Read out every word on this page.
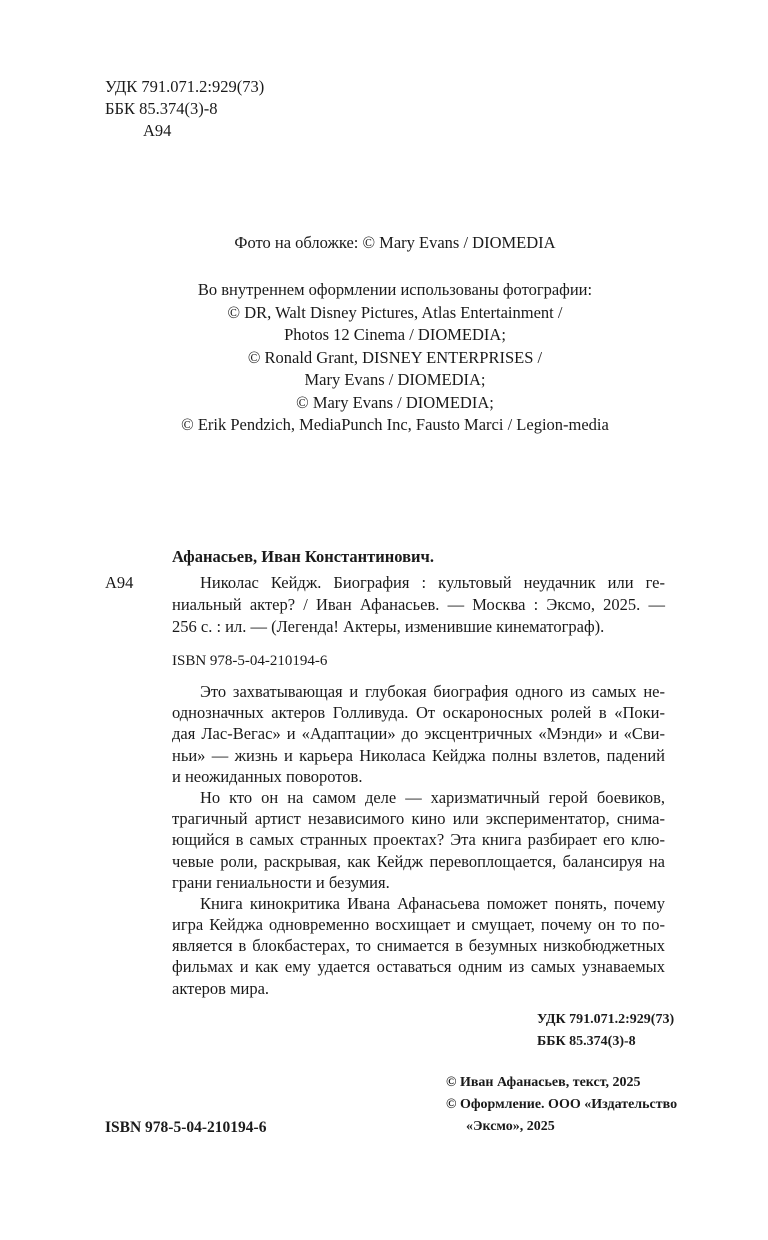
УДК 791.071.2:929(73)
ББК 85.374(3)-8
А94
Фото на обложке: © Mary Evans / DIOMEDIA
Во внутреннем оформлении использованы фотографии:
© DR, Walt Disney Pictures, Atlas Entertainment /
Photos 12 Cinema / DIOMEDIA;
© Ronald Grant, DISNEY ENTERPRISES /
Mary Evans / DIOMEDIA;
© Mary Evans / DIOMEDIA;
© Erik Pendzich, MediaPunch Inc, Fausto Marci / Legion-media
Афанасьев, Иван Константинович.
А94	Николас Кейдж. Биография : культовый неудачник или ге-
ниальный актер? / Иван Афанасьев. — Москва : Эксмо, 2025. —
256 с. : ил. — (Легенда! Актеры, изменившие кинематограф).
ISBN 978-5-04-210194-6
Это захватывающая и глубокая биография одного из самых не-
однозначных актеров Голливуда. От оскароносных ролей в «Поки-
дая Лас-Вегас» и «Адаптации» до эксцентричных «Мэнди» и «Сви-
ньи» — жизнь и карьера Николаса Кейджа полны взлетов, падений
и неожиданных поворотов.
Но кто он на самом деле — харизматичный герой боевиков,
трагичный артист независимого кино или экспериментатор, снима-
ющийся в самых странных проектах? Эта книга разбирает его клю-
чевые роли, раскрывая, как Кейдж перевоплощается, балансируя на
грани гениальности и безумия.
Книга кинокритика Ивана Афанасьева поможет понять, почему
игра Кейджа одновременно восхищает и смущает, почему он то по-
является в блокбастерах, то снимается в безумных низкобюджетных
фильмах и как ему удается оставаться одним из самых узнаваемых
актеров мира.
УДК 791.071.2:929(73)
ББК 85.374(3)-8
© Иван Афанасьев, текст, 2025
© Оформление. ООО «Издательство
«Эксмо», 2025
ISBN 978-5-04-210194-6
